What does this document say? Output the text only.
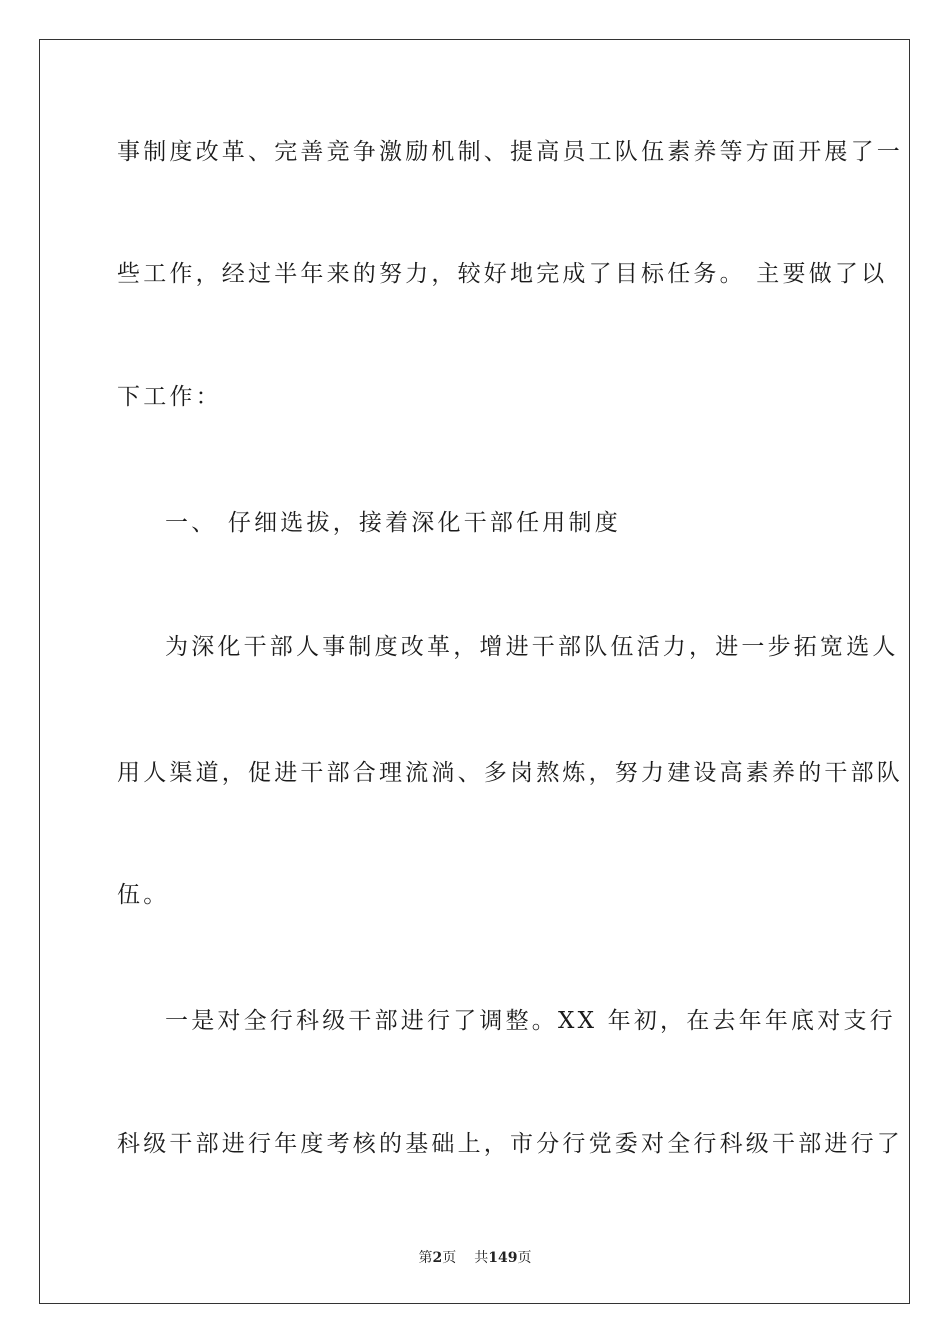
事制度改革、完善竞争激励机制、提高员工队伍素养等方面开展了一
些工作，经过半年来的努力，较好地完成了目标任务。 主要做了以
下工作：
一、 仔细选拔，接着深化干部任用制度
为深化干部人事制度改革，增进干部队伍活力，进一步拓宽选人
用人渠道，促进干部合理流淌、多岗熬炼，努力建设高素养的干部队
伍。
一是对全行科级干部进行了调整。XX 年初，在去年年底对支行
科级干部进行年度考核的基础上，市分行党委对全行科级干部进行了
第2页 共149页
